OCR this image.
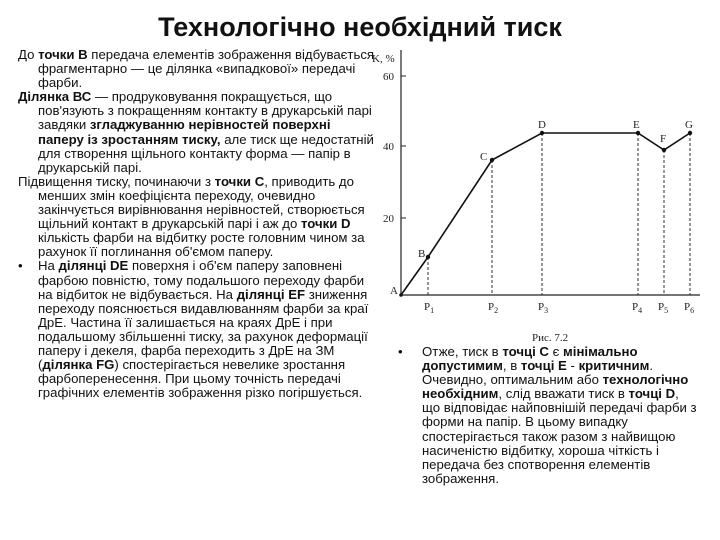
Технологічно необхідний тиск

До точки В передача елементів зображення відбувається фрагментарно — це ділянка «випадкової» передачі фарби.

Ділянка ВС — продруковування покращується, що пов'язують з покращенням контакту в друкарській парі завдяки згладжуванню нерівностей поверхні паперу із зростанням тиску, але тиск ще недостатній для створення щільного контакту форма — папір в друкарській парі.

Підвищення тиску, починаючи з точки С, приводить до менших змін коефіцієнта переходу, очевидно закінчується вирівнювання нерівностей, створюється щільний контакт в друкарській парі і аж до точки D кількість фарби на відбитку росте головним чином за рахунок її поглинання об'ємом паперу.

• На ділянці DE поверхня і об'єм паперу заповнені фарбою повністю, тому подальшого переходу фарби на відбиток не відбувається. На ділянці EF зниження переходу пояснюється видавлюванням фарби за краї ДрЕ. Частина її залишається на краях ДрЕ і при подальшому збільшенні тиску, за рахунок деформації паперу і декеля, фарба переходить з ДрЕ на ЗМ (ділянка FG) спостерігається невелике зростання фарбоперенесення. При цьому точність передачі графічних елементів зображення різко погіршується.

• Отже, тиск в точці С є мінімально допустимим, в точці Е - критичним. Очевидно, оптимальним або технологічно необхідним, слід вважати тиск в точці D, що відповідає найповнішій передачі фарби з форми на папір. В цьому випадку спостерігається також разом з найвищою насиченістю відбитку, хороша чіткість і передача без спотворення елементів зображення.

K, %
60
40
20
A
B
C
D	E
F
G
$P_1$	$P_2$	$P_3$	$P_4$ $P_5$ $P_6$
Рис. 7.2
